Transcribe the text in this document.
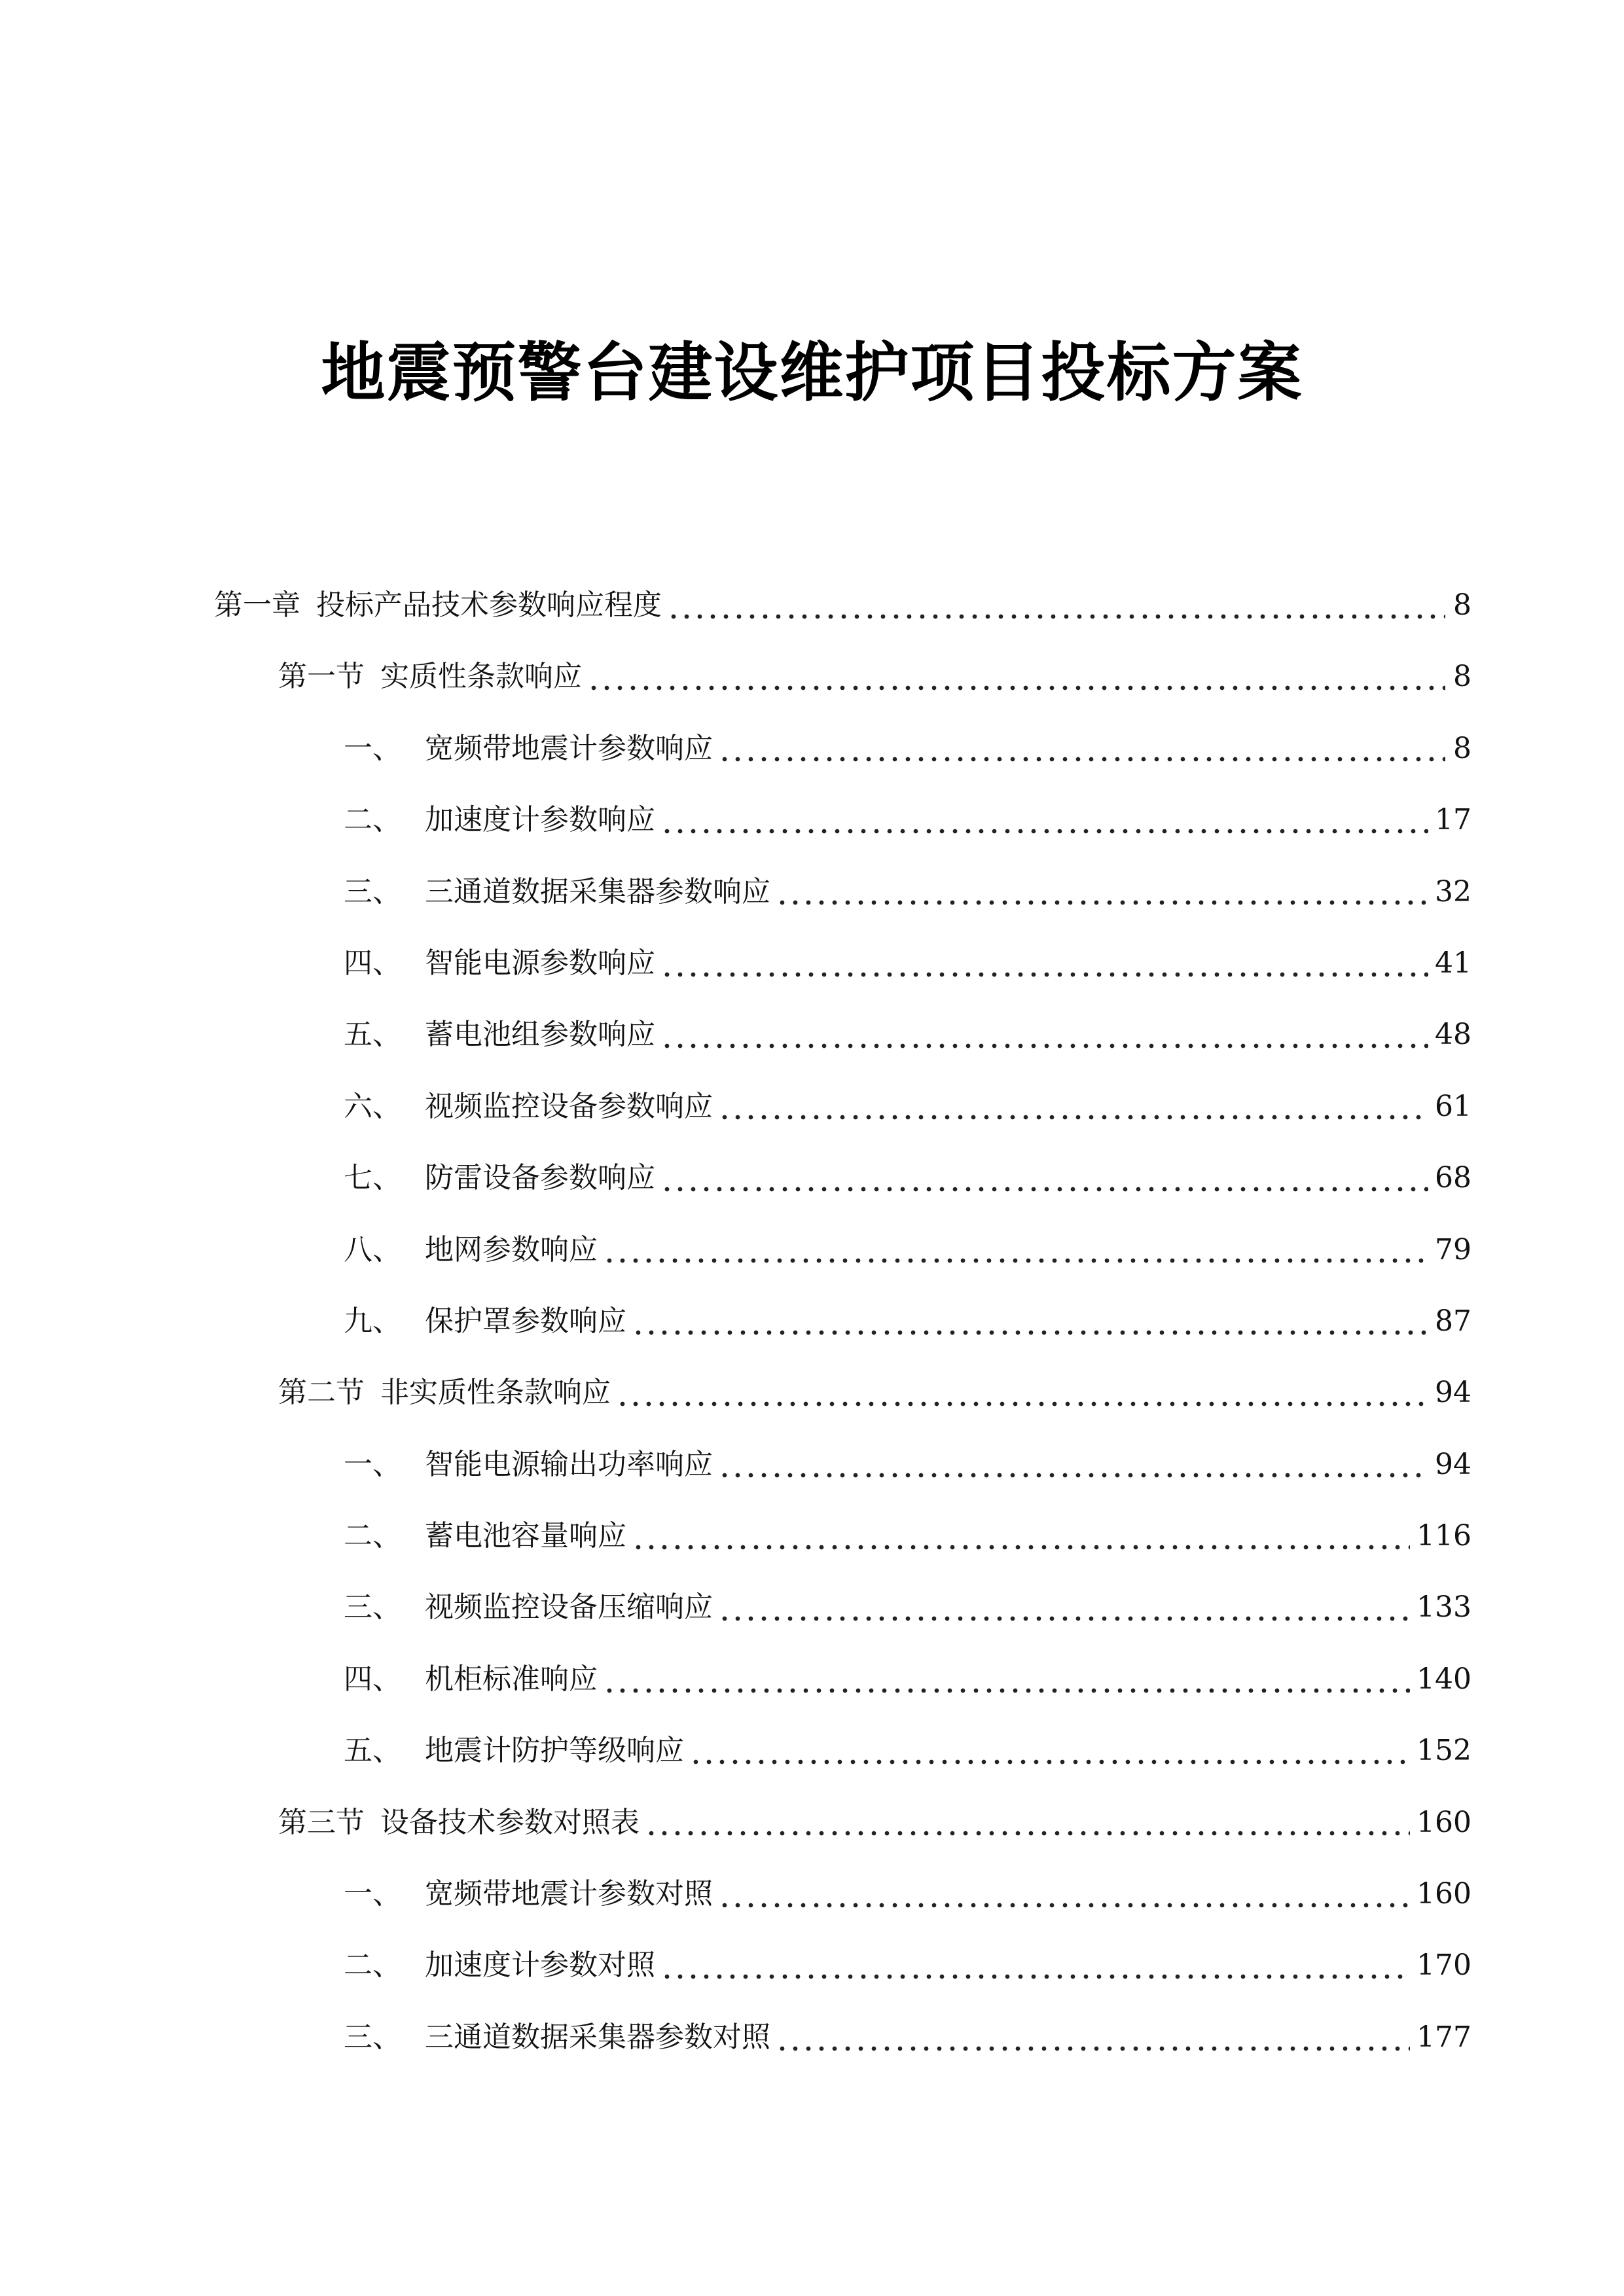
地震预警台建设维护项目投标方案
第一章 投标产品技术参数响应程度	8
第一节 实质性条款响应	8
一、 宽频带地震计参数响应	8
二、 加速度计参数响应	17
三、 三通道数据采集器参数响应	32
四、 智能电源参数响应	41
五、 蓄电池组参数响应	48
六、 视频监控设备参数响应	61
七、 防雷设备参数响应	68
八、 地网参数响应	79
九、 保护罩参数响应	87
第二节 非实质性条款响应	94
一、 智能电源输出功率响应	94
二、 蓄电池容量响应	116
三、 视频监控设备压缩响应	133
四、 机柜标准响应	140
五、 地震计防护等级响应	152
第三节 设备技术参数对照表	160
一、 宽频带地震计参数对照	160
二、 加速度计参数对照	170
三、 三通道数据采集器参数对照	177
